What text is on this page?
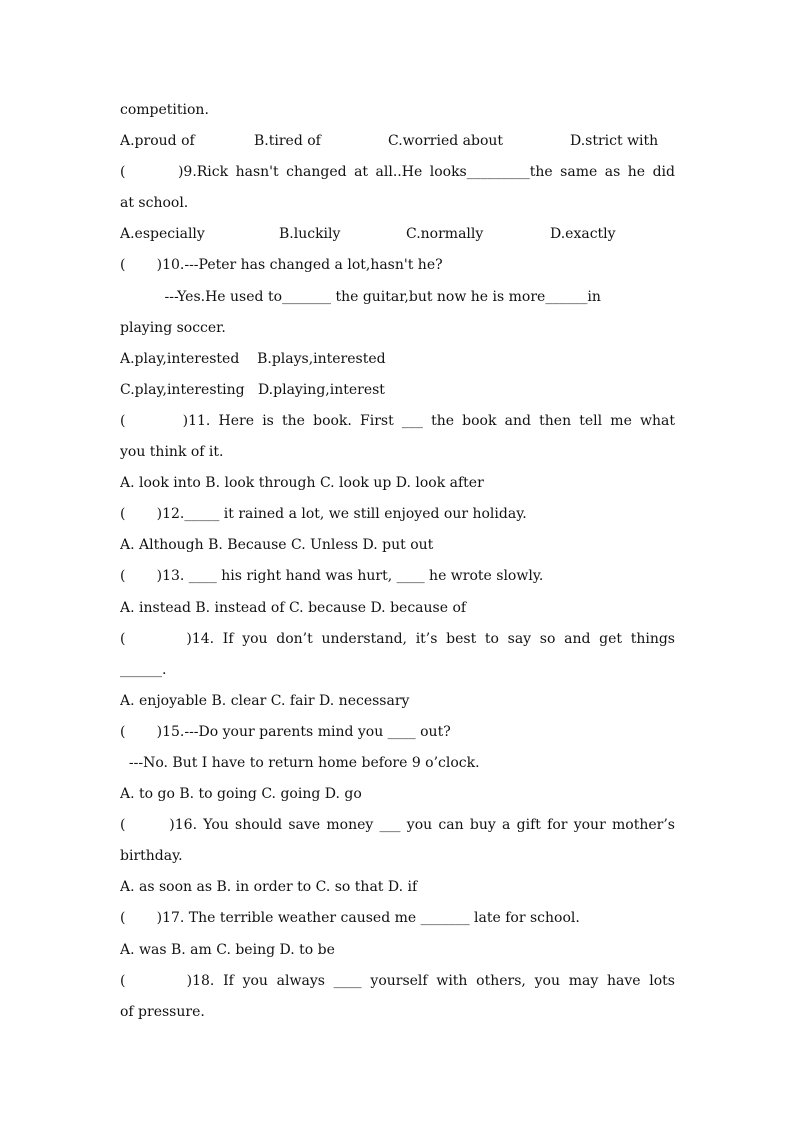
competition.
A.proud of	B.tired of	C.worried about	D.strict with
(       )9.Rick hasn't changed at all..He looks_________the same as he did
at school.
A.especially	B.luckily	C.normally	D.exactly
(       )10.---Peter has changed a lot,hasn't he?
---Yes.He used to_______ the guitar,but now he is more______in
playing soccer.
A.play,interested    B.plays,interested
C.play,interesting   D.playing,interest
(       )11. Here is the book. First ___ the book and then tell me what
you think of it.
A. look into B. look through C. look up D. look after
(       )12._____ it rained a lot, we still enjoyed our holiday.
A. Although B. Because C. Unless D. put out
(       )13. ____ his right hand was hurt, ____ he wrote slowly.
A. instead B. instead of C. because D. because of
(       )14. If you don’t understand, it’s best to say so and get things
______.
A. enjoyable B. clear C. fair D. necessary
(       )15.---Do your parents mind you ____ out?
---No. But I have to return home before 9 o’clock.
A. to go B. to going C. going D. go
(       )16. You should save money ___ you can buy a gift for your mother’s
birthday.
A. as soon as B. in order to C. so that D. if
(       )17. The terrible weather caused me _______ late for school.
A. was B. am C. being D. to be
(       )18. If you always ____ yourself with others, you may have lots
of pressure.
